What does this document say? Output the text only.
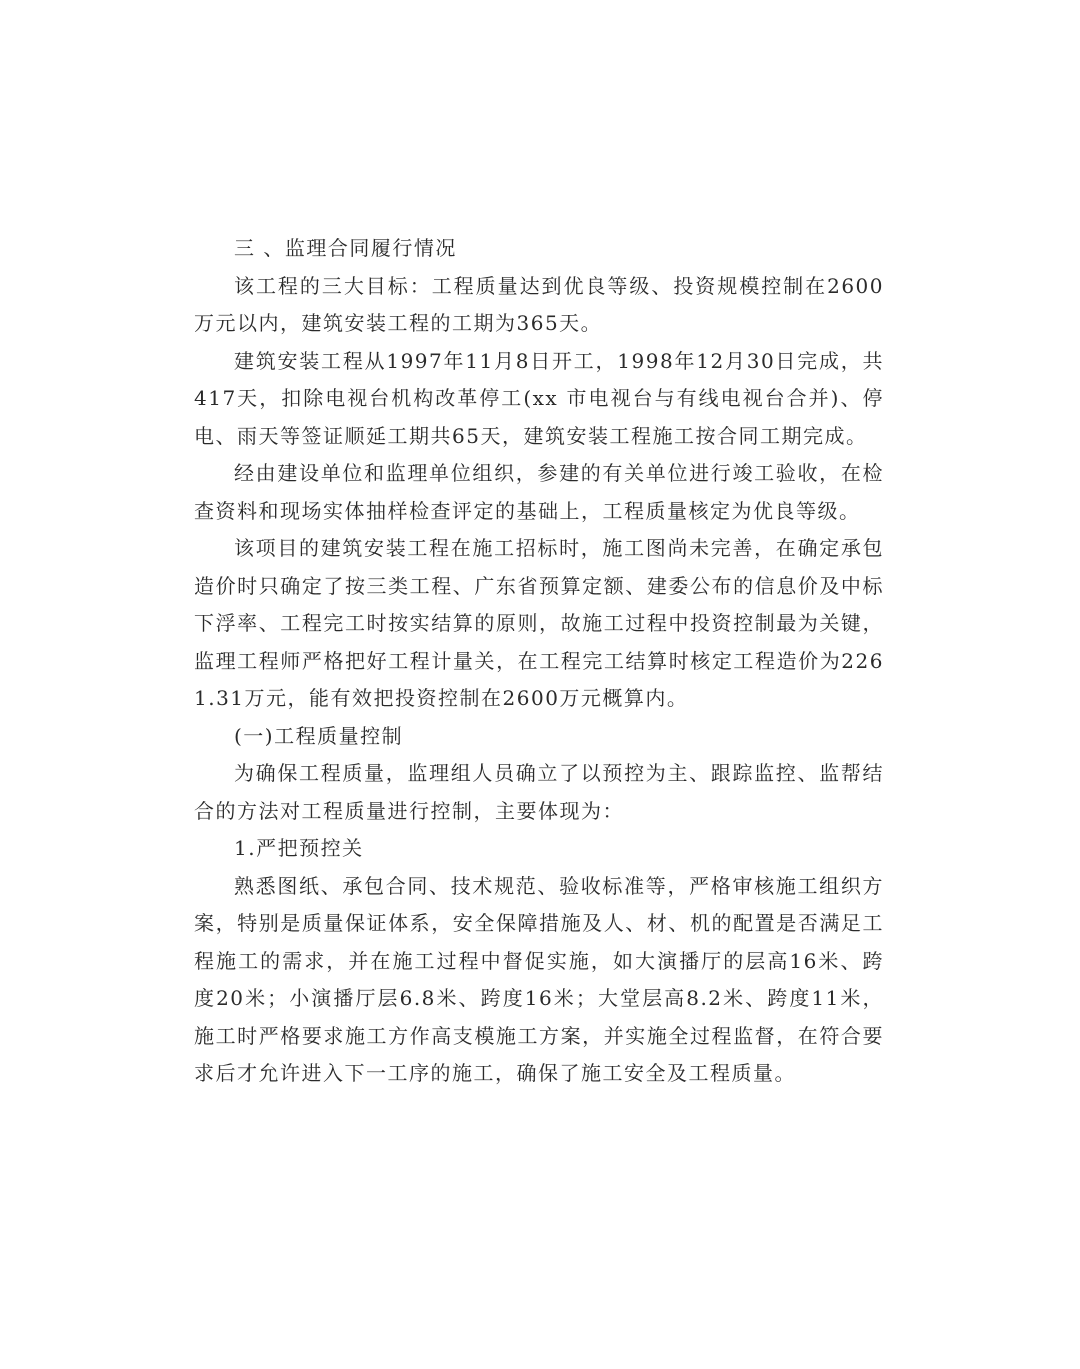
三 、监理合同履行情况

该工程的三大目标：工程质量达到优良等级、投资规模控制在2600 万元以内，建筑安装工程的工期为365天。

建筑安装工程从1997年11月8日开工，1998年12月30日完成，共417天，扣除电视台机构改革停工(xx 市电视台与有线电视台合并)、停电、雨天等签证顺延工期共65天，建筑安装工程施工按合同工期完成。

经由建设单位和监理单位组织，参建的有关单位进行竣工验收，在检查资料和现场实体抽样检查评定的基础上，工程质量核定为优良等级。

该项目的建筑安装工程在施工招标时，施工图尚未完善，在确定承包造价时只确定了按三类工程、广东省预算定额、建委公布的信息价及中标下浮率、工程完工时按实结算的原则，故施工过程中投资控制最为关键，监理工程师严格把好工程计量关，在工程完工结算时核定工程造价为2261.31万元，能有效把投资控制在2600万元概算内。

(一)工程质量控制

为确保工程质量，监理组人员确立了以预控为主、跟踪监控、监帮结合的方法对工程质量进行控制，主要体现为：

1.严把预控关

熟悉图纸、承包合同、技术规范、验收标准等，严格审核施工组织方案，特别是质量保证体系，安全保障措施及人、材、机的配置是否满足工程施工的需求，并在施工过程中督促实施，如大演播厅的层高16米、跨度20米；小演播厅层6.8米、跨度16米；大堂层高8.2米、跨度11米，施工时严格要求施工方作高支模施工方案，并实施全过程监督，在符合要求后才允许进入下一工序的施工，确保了施工安全及工程质量。
